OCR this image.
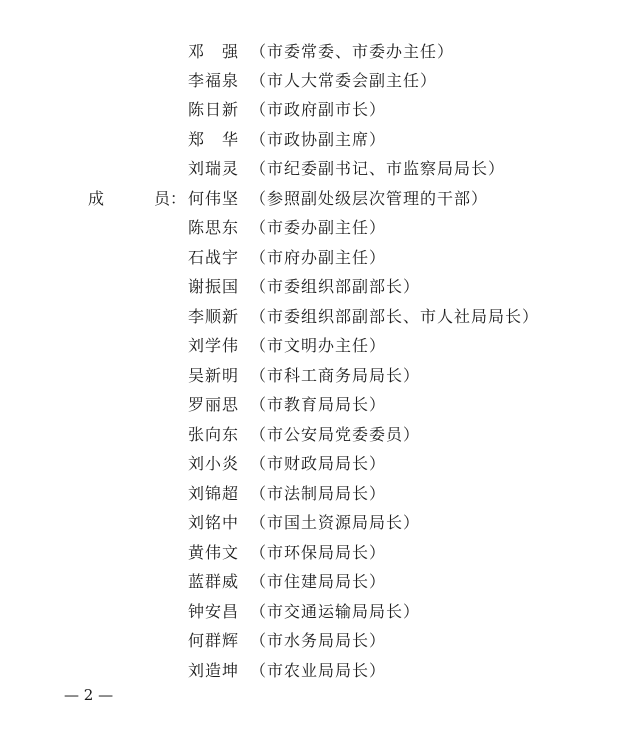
邓　强 （市委常委、市委办主任）
李福泉 （市人大常委会副主任）
陈日新 （市政府副市长）
郑　华 （市政协副主席）
刘瑞灵 （市纪委副书记、市监察局局长）
成	员： 何伟坚 （参照副处级层次管理的干部）
陈思东 （市委办副主任）
石战宇 （市府办副主任）
谢振国 （市委组织部副部长）
李顺新 （市委组织部副部长、市人社局局长）
刘学伟 （市文明办主任）
吴新明 （市科工商务局局长）
罗丽思 （市教育局局长）
张向东 （市公安局党委委员）
刘小炎 （市财政局局长）
刘锦超 （市法制局局长）
刘铭中 （市国土资源局局长）
黄伟文 （市环保局局长）
蓝群威 （市住建局局长）
钟安昌 （市交通运输局局长）
何群辉 （市水务局局长）
刘造坤 （市农业局局长）
— 2 —
